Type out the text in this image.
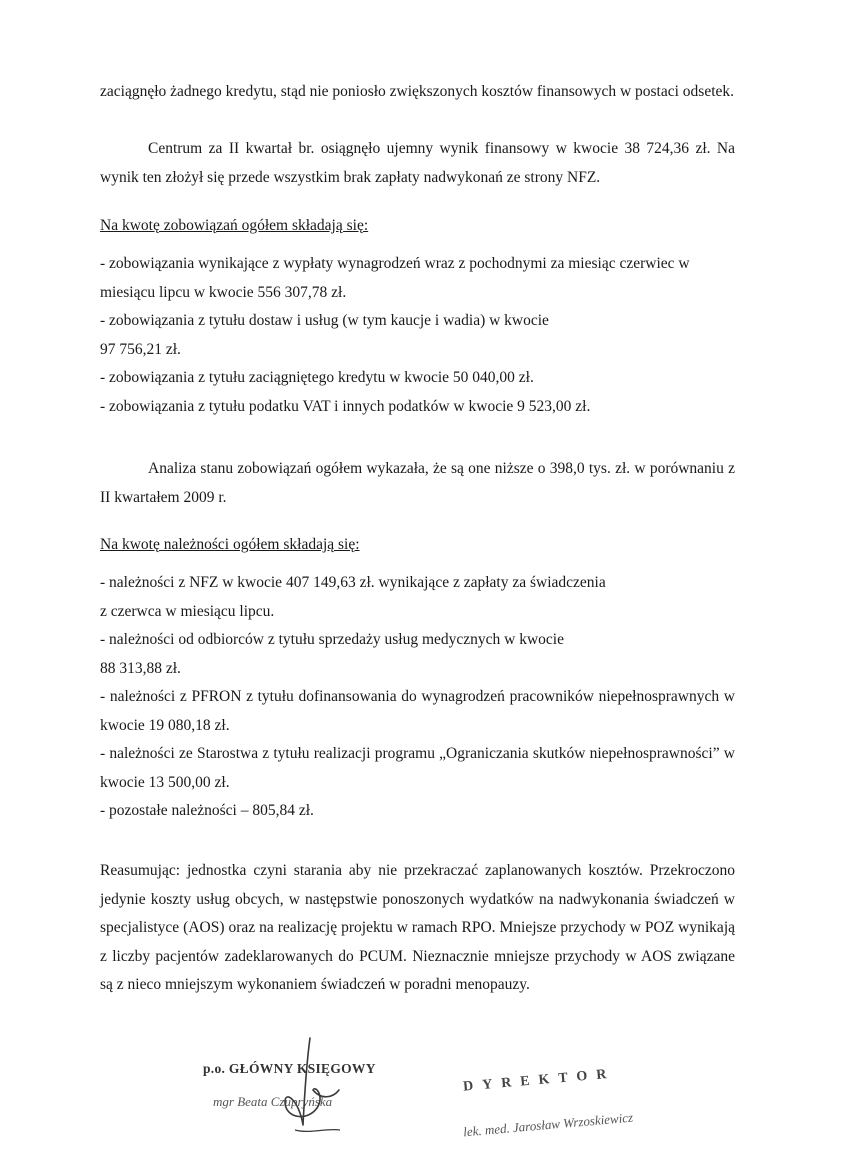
zaciągnęło żadnego kredytu, stąd nie poniosło zwiększonych kosztów finansowych w postaci odsetek.

Centrum za II kwartał br. osiągnęło ujemny wynik finansowy w kwocie 38 724,36 zł. Na wynik ten złożył się przede wszystkim brak zapłaty nadwykonań ze strony NFZ.

Na kwotę zobowiązań ogółem składają się:

- zobowiązania wynikające z wypłaty wynagrodzeń wraz z pochodnymi za miesiąc czerwiec w miesiącu lipcu w kwocie 556 307,78 zł.
- zobowiązania z tytułu dostaw i usług (w tym kaucje i wadia) w kwocie
97 756,21 zł.
- zobowiązania z tytułu zaciągniętego kredytu w kwocie 50 040,00 zł.
- zobowiązania z tytułu podatku VAT i innych podatków w kwocie 9 523,00 zł.

Analiza stanu zobowiązań ogółem wykazała, że są one niższe o 398,0 tys. zł. w porównaniu z II kwartałem 2009 r.

Na kwotę należności ogółem składają się:

- należności z NFZ w kwocie 407 149,63 zł. wynikające z zapłaty za świadczenia
z czerwca w miesiącu lipcu.
- należności od odbiorców z tytułu sprzedaży usług medycznych w kwocie
88 313,88 zł.
- należności z PFRON z tytułu dofinansowania do wynagrodzeń pracowników niepełnosprawnych w kwocie 19 080,18 zł.
- należności ze Starostwa z tytułu realizacji programu „Ograniczania skutków niepełnosprawności” w kwocie 13 500,00 zł.
- pozostałe należności – 805,84 zł.

Reasumując: jednostka czyni starania aby nie przekraczać zaplanowanych kosztów. Przekroczono jedynie koszty usług obcych, w następstwie ponoszonych wydatków na nadwykonania świadczeń w specjalistyce (AOS) oraz na realizację projektu w ramach RPO. Mniejsze przychody w POZ wynikają z liczby pacjentów zadeklarowanych do PCUM. Nieznacznie mniejsze przychody w AOS związane są z nieco mniejszym wykonaniem świadczeń w poradni menopauzy.

p.o. GŁÓWNY KSIĘGOWY
mgr Beata Czupryńska
DYREKTOR
lek. med. Jarosław Wrzoskiewicz
